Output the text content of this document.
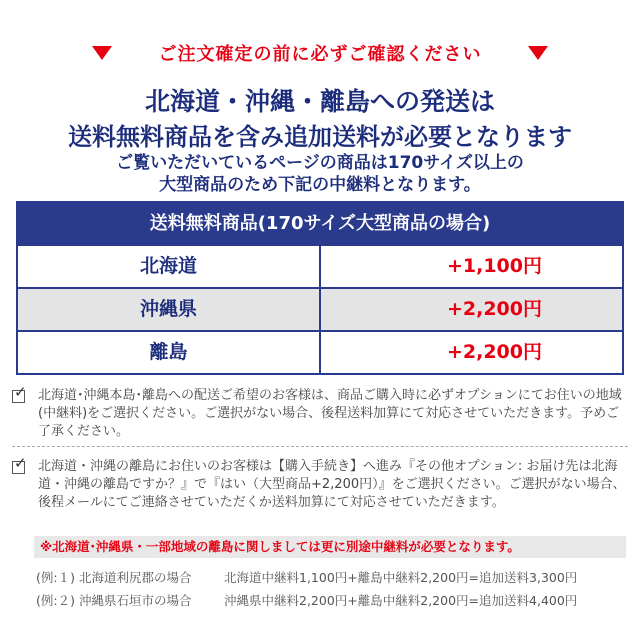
ご注文確定の前に必ずご確認ください
北海道・沖縄・離島への発送は
送料無料商品を含み追加送料が必要となります
ご覧いただいているページの商品は170サイズ以上の
大型商品のため下記の中継料となります。
送料無料商品(170サイズ大型商品の場合)
北海道	+1,100円
沖縄県	+2,200円
離島	+2,200円
✓ 北海道･沖縄本島･離島への配送ご希望のお客様は、商品ご購入時に必ずオプションにてお住いの地域(中継料)をご選択ください。ご選択がない場合、後程送料加算にて対応させていただきます。予めご了承ください。
✓ 北海道・沖縄の離島にお住いのお客様は【購入手続き】へ進み『その他オプション: お届け先は北海道・沖縄の離島ですか？』で『はい（大型商品+2,200円）』をご選択ください。ご選択がない場合、後程メールにてご連絡させていただくか送料加算にて対応させていただきます。
※北海道･沖縄県・一部地域の離島に関しましては更に別途中継料が必要となります。
(例:１) 北海道利尻郡の場合	北海道中継料1,100円+離島中継料2,200円=追加送料3,300円
(例:２) 沖縄県石垣市の場合	沖縄県中継料2,200円+離島中継料2,200円=追加送料4,400円
